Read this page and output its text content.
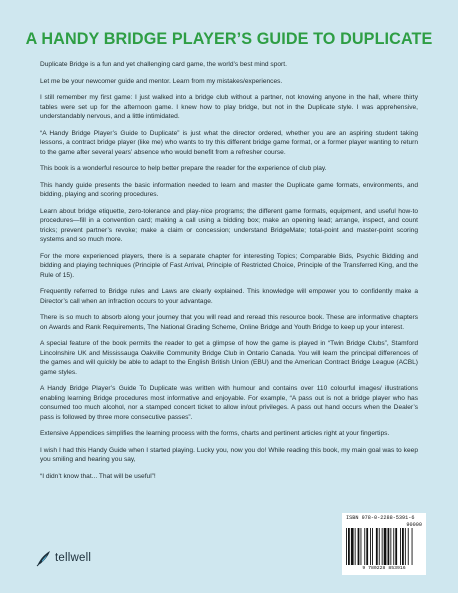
A HANDY BRIDGE PLAYER’S GUIDE TO DUPLICATE

Duplicate Bridge is a fun and yet challenging card game, the world’s best mind sport.

Let me be your newcomer guide and mentor. Learn from my mistakes/experiences.

I still remember my first game: I just walked into a bridge club without a partner, not knowing anyone in the hall, where thirty tables were set up for the afternoon game. I knew how to play bridge, but not in the Duplicate style. I was apprehensive, understandably nervous, and a little intimidated.

“A Handy Bridge Player’s Guide to Duplicate” is just what the director ordered, whether you are an aspiring student taking lessons, a contract bridge player (like me) who wants to try this different bridge game format, or a former player wanting to return to the game after several years’ absence who would benefit from a refresher course.

This book is a wonderful resource to help better prepare the reader for the experience of club play.

This handy guide presents the basic information needed to learn and master the Duplicate game formats, environments, and bidding, playing and scoring procedures.

Learn about bridge etiquette, zero-tolerance and play-nice programs; the different game formats, equipment, and useful how-to procedures—fill in a convention card; making a call using a bidding box; make an opening lead; arrange, inspect, and count tricks; prevent partner’s revoke; make a claim or concession; understand BridgeMate; total-point and master-point scoring systems and so much more.

For the more experienced players, there is a separate chapter for interesting Topics; Comparable Bids, Psychic Bidding and bidding and playing techniques (Principle of Fast Arrival, Principle of Restricted Choice, Principle of the Transferred King, and the Rule of 15).

Frequently referred to Bridge rules and Laws are clearly explained. This knowledge will empower you to confidently make a Director’s call when an infraction occurs to your advantage.

There is so much to absorb along your journey that you will read and reread this resource book. These are informative chapters on Awards and Rank Requirements, The National Grading Scheme, Online Bridge and Youth Bridge to keep up your interest.

A special feature of the book permits the reader to get a glimpse of how the game is played in “Twin Bridge Clubs”, Stamford Lincolnshire UK and Mississauga Oakville Community Bridge Club in Ontario Canada. You will learn the principal differences of the games and will quickly be able to adapt to the English British Union (EBU) and the American Contract Bridge League (ACBL) game styles.

A Handy Bridge Player’s Guide To Duplicate was written with humour and contains over 110 colourful images/ illustrations enabling learning Bridge procedures most informative and enjoyable. For example, “A pass out is not a bridge player who has consumed too much alcohol, nor a stamped concert ticket to allow in/out privileges. A pass out hand occurs when the Dealer’s pass is followed by three more consecutive passes”.

Extensive Appendices simplifies the learning process with the forms, charts and pertinent articles right at your fingertips.

I wish I had this Handy Guide when I started playing. Lucky you, now you do! While reading this book, my main goal was to keep you smiling and hearing you say,

“I didn’t know that... That will be useful”!

tellwell
ISBN 978-0-2288-5391-6
90000
9 780228 853916
